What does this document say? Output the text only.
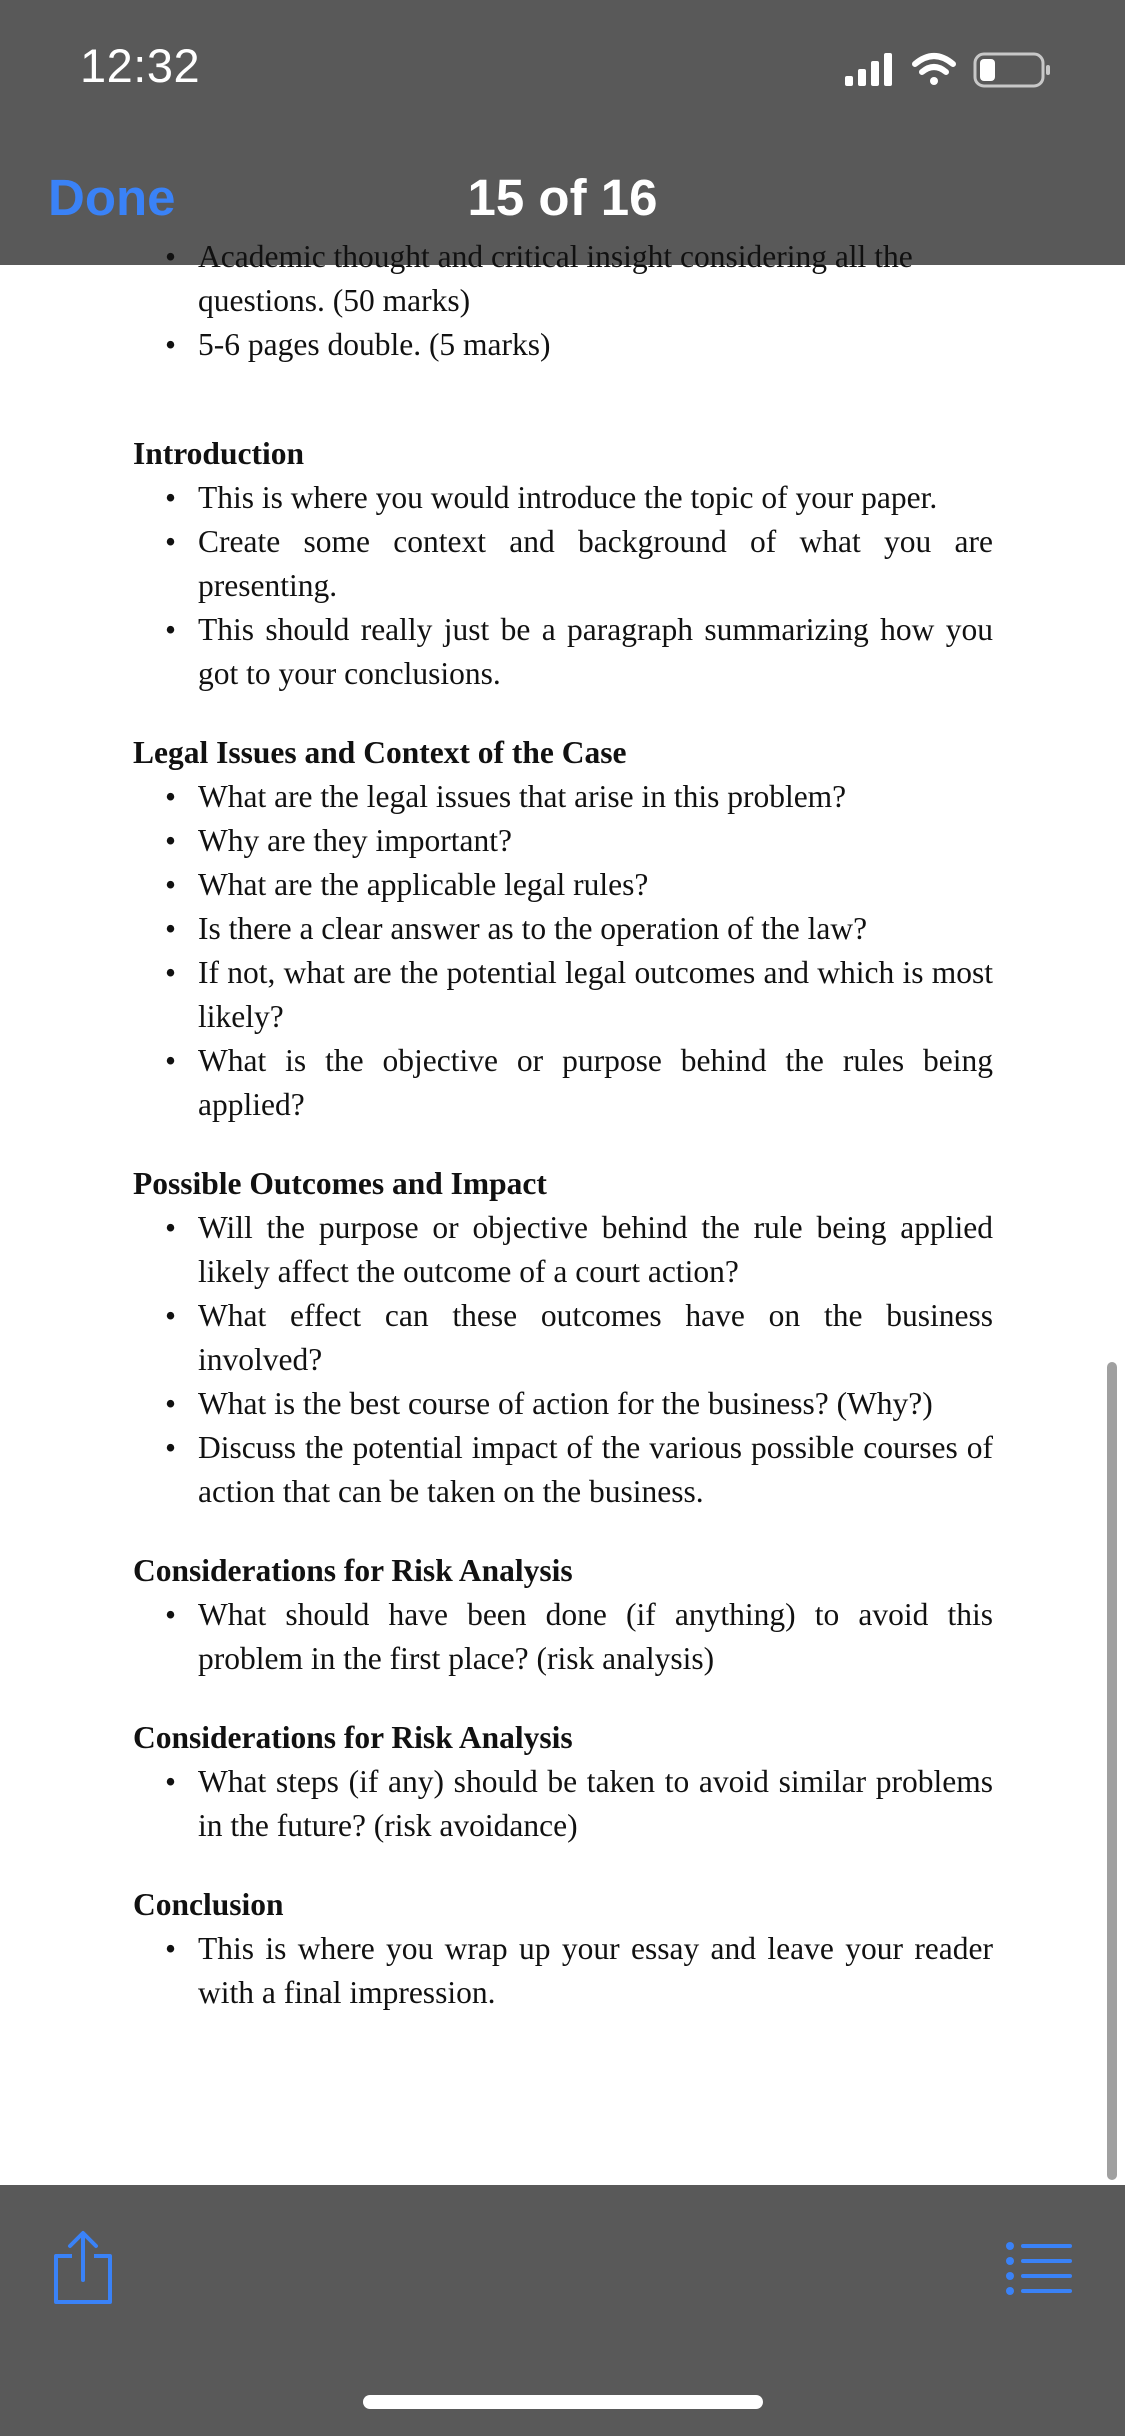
12:32
Done	15 of 16
• Academic thought and critical insight considering all the
questions. (50 marks)
• 5-6 pages double. (5 marks)

Introduction

• This is where you would introduce the topic of your paper.
• Create some context and background of what you are presenting.
• This should really just be a paragraph summarizing how you got to your conclusions.

Legal Issues and Context of the Case

• What are the legal issues that arise in this problem?
• Why are they important?
• What are the applicable legal rules?
• Is there a clear answer as to the operation of the law?
• If not, what are the potential legal outcomes and which is most likely?
• What is the objective or purpose behind the rules being applied?

Possible Outcomes and Impact

• Will the purpose or objective behind the rule being applied likely affect the outcome of a court action?
• What effect can these outcomes have on the business involved?
• What is the best course of action for the business? (Why?)
• Discuss the potential impact of the various possible courses of action that can be taken on the business.

Considerations for Risk Analysis

• What should have been done (if anything) to avoid this problem in the first place? (risk analysis)

Considerations for Risk Analysis

• What steps (if any) should be taken to avoid similar problems in the future? (risk avoidance)

Conclusion

• This is where you wrap up your essay and leave your reader with a final impression.
